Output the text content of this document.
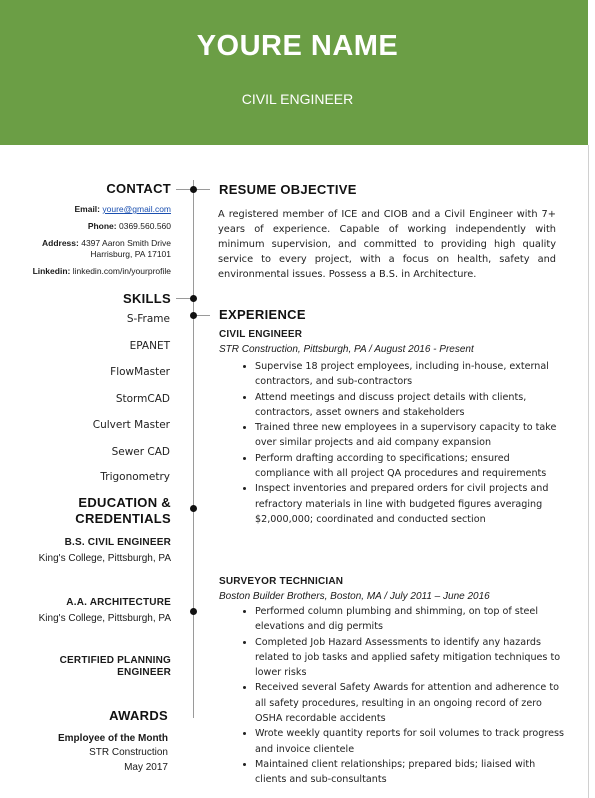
YOURE NAME
CIVIL ENGINEER
CONTACT
Email: youre@gmail.com
Phone: 0369.560.560
Address: 4397 Aaron Smith Drive
Harrisburg, PA 17101
Linkedin: linkedin.com/in/yourprofile
SKILLS
S-Frame
EPANET
FlowMaster
StormCAD
Culvert Master
Sewer CAD
Trigonometry
EDUCATION &
CREDENTIALS
B.S. CIVIL ENGINEER
King's College, Pittsburgh, PA
A.A. ARCHITECTURE
King's College, Pittsburgh, PA
CERTIFIED PLANNING
ENGINEER
AWARDS
Employee of the Month
STR Construction
May 2017
RESUME OBJECTIVE

A registered member of ICE and CIOB and a Civil Engineer with 7+ years of experience. Capable of working independently with minimum supervision, and committed to providing high quality service to every project, with a focus on health, safety and environmental issues. Possess a B.S. in Architecture.

EXPERIENCE
CIVIL ENGINEER
STR Construction, Pittsburgh, PA / August 2016 - Present
• Supervise 18 project employees, including in-house, external contractors, and sub-contractors
• Attend meetings and discuss project details with clients, contractors, asset owners and stakeholders
• Trained three new employees in a supervisory capacity to take over similar projects and aid company expansion
• Perform drafting according to specifications; ensured compliance with all project QA procedures and requirements
• Inspect inventories and prepared orders for civil projects and refractory materials in line with budgeted figures averaging $2,000,000; coordinated and conducted section
SURVEYOR TECHNICIAN
Boston Builder Brothers, Boston, MA / July 2011 – June 2016
• Performed column plumbing and shimming, on top of steel elevations and dig permits
• Completed Job Hazard Assessments to identify any hazards related to job tasks and applied safety mitigation techniques to lower risks
• Received several Safety Awards for attention and adherence to all safety procedures, resulting in an ongoing record of zero OSHA recordable accidents
• Wrote weekly quantity reports for soil volumes to track progress and invoice clientele
• Maintained client relationships; prepared bids; liaised with clients and sub-consultants
